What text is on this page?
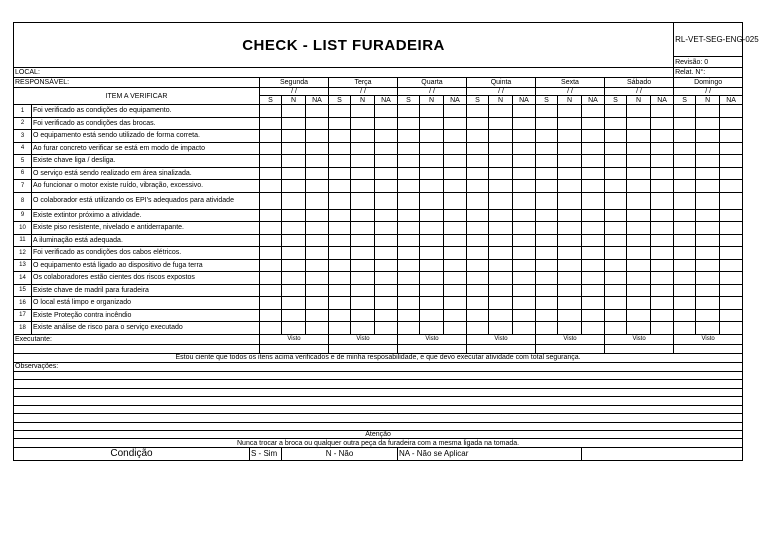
CHECK - LIST FURADEIRA																					RL-VET-SEG-ENG-025		
																					Revisão: 0		
LOCAL:																					Relat. N°:		
RESPONSÁVEL:			Segunda			Terça			Quarta			Quinta			Sexta			Sábado			Domingo		
ITEM A VERIFICAR			/ /			/ /			/ /			/ /			/ /			/ /			/ /		
			S	N	NA	S	N	NA	S	N	NA	S	N	NA	S	N	NA	S	N	NA	S	N	NA
1	Foi verificado as condições do equipamento.																						
2	Foi verificado as condições das brocas.																						
3	O equipamento está sendo utilizado de forma correta.																						
4	Ao furar concreto verificar se está em modo de impacto																						
5	Existe chave liga / desliga.																						
6	O serviço está sendo realizado em área sinalizada.																						
7	Ao funcionar o motor existe ruído, vibração, excessivo.																						
8	O colaborador está utilizando os EPI's adequados para atividade																						
9	Existe extintor próximo a atividade.																						
10	Existe piso resistente, nivelado e antiderrapante.																						
11	A iluminação está adequada.																						
12	Foi verificado as condições dos cabos elétricos.																						
13	O equipamento está ligado ao dispositivo de fuga terra																						
14	Os colaboradores estão cientes dos riscos expostos																						
15	Existe chave de madril para furadeira																						
16	O local está limpo e organizado																						
17	Existe Proteção contra incêndio																						
18	Existe análise de risco para o serviço executado																						
Executante:			Visto			Visto			Visto			Visto			Visto			Visto			Visto		

Estou ciente que todos os itens acima verificados e de minha resposabilidade, e que devo executar atividade com total segurança.																							
Observações:																							

Atenção																							
Nunca trocar a broca ou qualquer outra peça da furadeira com a mesma ligada na tomada.																							
Condição		S - Sim		N - Não					NA - Não se Aplicar														
